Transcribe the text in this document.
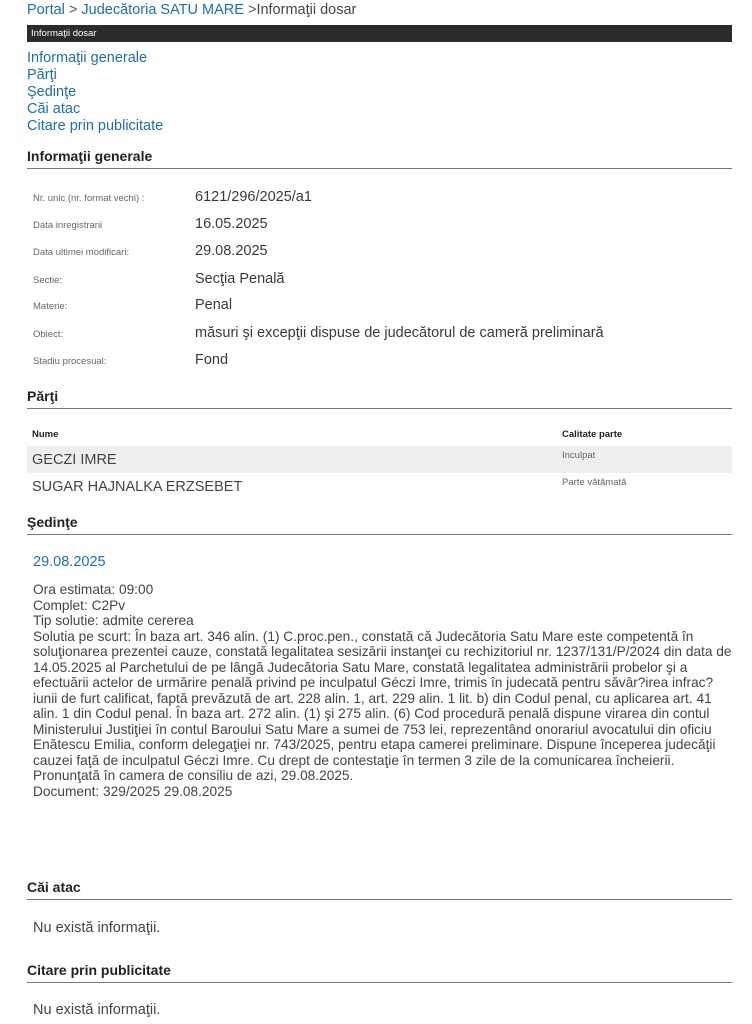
Portal > Judecătoria SATU MARE >Informaţii dosar
Informaţii dosar
Informaţii generale
Părţi
Şedinţe
Căi atac
Citare prin publicitate
Informaţii generale
Nr. unic (nr. format vechi) :	6121/296/2025/a1
Data inregistrarii	16.05.2025
Data ultimei modificari:	29.08.2025
Sectie:	Secţia Penală
Materie:	Penal
Obiect:	măsuri şi excepţii dispuse de judecătorul de cameră preliminară
Stadiu procesual:	Fond
Părţi
Nume	Calitate parte
GECZI IMRE	Inculpat
SUGAR HAJNALKA ERZSEBET	Parte vătămată
Şedinţe
29.08.2025
Ora estimata: 09:00
Complet: C2Pv
Tip solutie: admite cererea
Solutia pe scurt: În baza art. 346 alin. (1) C.proc.pen., constată că Judecătoria Satu Mare este competentă în soluţionarea prezentei cauze, constată legalitatea sesizării instanţei cu rechizitoriul nr. 1237/131/P/2024 din data de 14.05.2025 al Parchetului de pe lângă Judecătoria Satu Mare, constată legalitatea administrării probelor şi a efectuării actelor de urmărire penală privind pe inculpatul Géczi Imre, trimis în judecată pentru săvâr?irea infrac?iunii de furt calificat, faptă prevăzută de art. 228 alin. 1, art. 229 alin. 1 lit. b) din Codul penal, cu aplicarea art. 41 alin. 1 din Codul penal. În baza art. 272 alin. (1) şi 275 alin. (6) Cod procedură penală dispune virarea din contul Ministerului Justiţiei în contul Baroului Satu Mare a sumei de 753 lei, reprezentând onorariul avocatului din oficiu Enătescu Emilia, conform delegaţiei nr. 743/2025, pentru etapa camerei preliminare. Dispune începerea judecăţii cauzei faţă de inculpatul Géczi Imre. Cu drept de contestaţie în termen 3 zile de la comunicarea încheierii. Pronunţată în camera de consiliu de azi, 29.08.2025.
Document: 329/2025 29.08.2025
Căi atac
Nu există informaţii.
Citare prin publicitate
Nu există informaţii.
